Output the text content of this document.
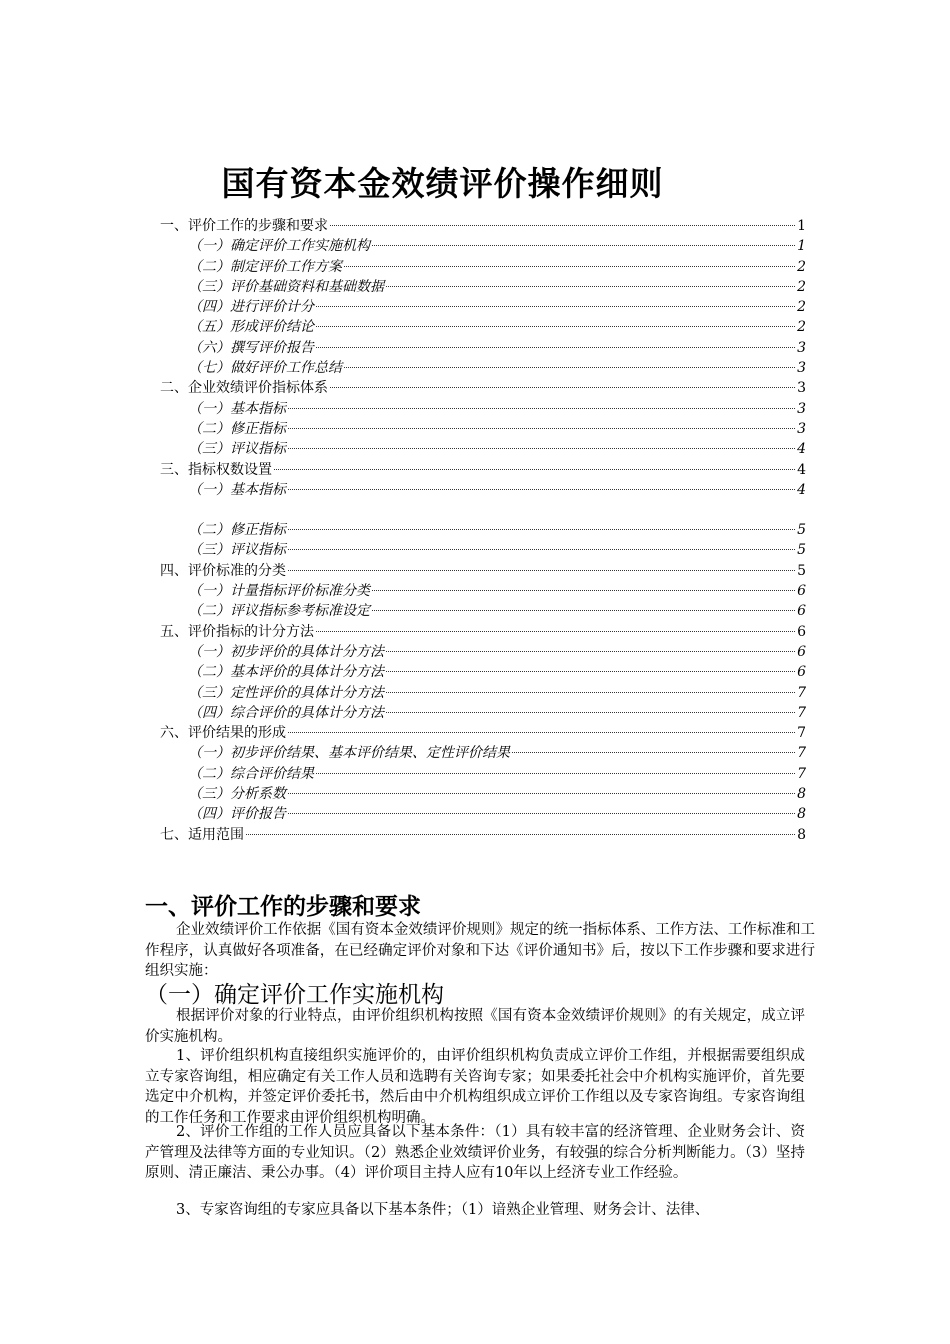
国有资本金效绩评价操作细则
一、评价工作的步骤和要求	1
（一）确定评价工作实施机构	1
（二）制定评价工作方案	2
（三）评价基础资料和基础数据	2
（四）进行评价计分	2
（五）形成评价结论	2
（六）撰写评价报告	3
（七）做好评价工作总结	3
二、企业效绩评价指标体系	3
（一）基本指标	3
（二）修正指标	3
（三）评议指标	4
三、指标权数设置	4
（一）基本指标	4
（二）修正指标	5
（三）评议指标	5
四、评价标准的分类	5
（一）计量指标评价标准分类	6
（二）评议指标参考标准设定	6
五、评价指标的计分方法	6
（一）初步评价的具体计分方法	6
（二）基本评价的具体计分方法	6
（三）定性评价的具体计分方法	7
（四）综合评价的具体计分方法	7
六、评价结果的形成	7
（一）初步评价结果、基本评价结果、定性评价结果	7
（二）综合评价结果	7
（三）分析系数	8
（四）评价报告	8
七、适用范围	8
一、评价工作的步骤和要求
企业效绩评价工作依据《国有资本金效绩评价规则》规定的统一指标体系、工作方法、工作标准和工作程序，认真做好各项准备，在已经确定评价对象和下达《评价通知书》后，按以下工作步骤和要求进行组织实施：
（一）确定评价工作实施机构
根据评价对象的行业特点，由评价组织机构按照《国有资本金效绩评价规则》的有关规定，成立评价实施机构。
1、评价组织机构直接组织实施评价的，由评价组织机构负责成立评价工作组，并根据需要组织成立专家咨询组，相应确定有关工作人员和选聘有关咨询专家；如果委托社会中介机构实施评价，首先要选定中介机构，并签定评价委托书，然后由中介机构组织成立评价工作组以及专家咨询组。专家咨询组的工作任务和工作要求由评价组织机构明确。
2、评价工作组的工作人员应具备以下基本条件：（1）具有较丰富的经济管理、企业财务会计、资产管理及法律等方面的专业知识。（2）熟悉企业效绩评价业务，有较强的综合分析判断能力。（3）坚持原则、清正廉洁、秉公办事。（4）评价项目主持人应有10年以上经济专业工作经验。
3、专家咨询组的专家应具备以下基本条件；（1）谙熟企业管理、财务会计、法律、
